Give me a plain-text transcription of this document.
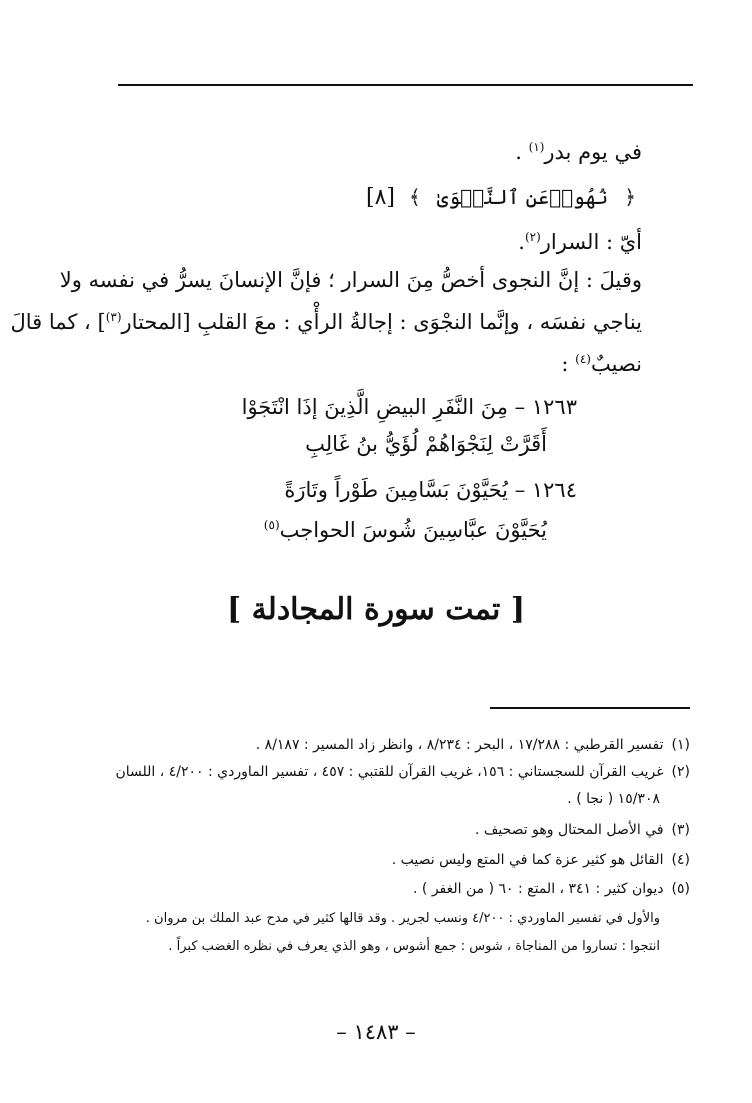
في يوم بدر$^{(١)}$ .
﴿نُهُوا۟عَنِ ٱلنَّجۡوَىٰ﴾[٨]
أيّ : السرار$^{(٢)}$.
وقيلَ : إنَّ النجوى أخصُّ مِنَ السرار ؛ فإنَّ الإنسانَ يسرُّ في نفسه ولا
يناجي نفسَه ، وإنَّما النجْوَى : إجالةُ الرأْي : معَ القلبِ [المحتار$^{(٣)}$] ، كما قالَ
نصيبٌ$^{(٤)}$ :
١٢٦٣ – مِنَ النَّفَرِ البيضِ الَّذِينَ إذَا انْتَجَوْا
أَقَرَّتْ لِنَجْوَاهُمْ لُؤَيُّ بنُ غَالِبِ
١٢٦٤ – يُحَيَّوْنَ بَسَّامِينَ طَوْراً وتَارَةً
يُحَيَّوْنَ عبَّاسِينَ شُوسَ الحواجب$^{(٥)}$
[ تمت سورة المجادلة ]
(١)تفسير القرطبي : ١٧/٢٨٨ ، البحر : ٨/٢٣٤ ، وانظر زاد المسير : ٨/١٨٧ .
(٢)غريب القرآن للسجستاني : ١٥٦، غريب القرآن للقتبي : ٤٥٧ ، تفسير الماوردي : ٤/٢٠٠ ، اللسان
١٥/٣٠٨ ( نجا ) .
(٣)في الأصل المحتال وهو تصحيف .
(٤)القائل هو كثير عزة كما في المتع وليس نصيب .
(٥)ديوان كثير : ٣٤١ ، المتع : ٦٠ ( من الغفر ) .
والأول في تفسير الماوردي : ٤/٢٠٠ ونسب لجرير . وقد قالها كثير في مدح عبد الملك بن مروان .
انتجوا : تساروا من المناجاة ، شوس : جمع أشوس ، وهو الذي يعرف في نظره الغضب كبراً .
– ١٤٨٣ –
